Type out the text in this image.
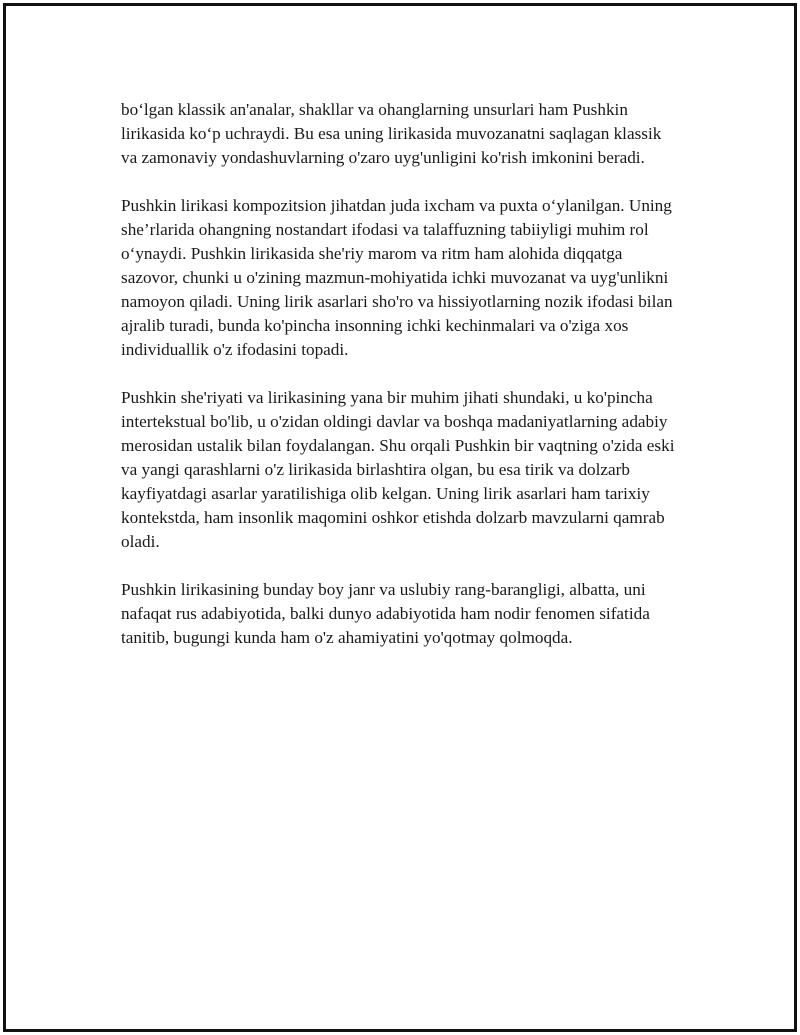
bo‘lgan klassik an'analar, shakllar va ohanglarning unsurlari ham Pushkin lirikasida ko‘p uchraydi. Bu esa uning lirikasida muvozanatni saqlagan klassik va zamonaviy yondashuvlarning o'zaro uyg'unligini ko'rish imkonini beradi.

Pushkin lirikasi kompozitsion jihatdan juda ixcham va puxta o‘ylanilgan. Uning she’rlarida ohangning nostandart ifodasi va talaffuzning tabiiyligi muhim rol o‘ynaydi. Pushkin lirikasida she'riy marom va ritm ham alohida diqqatga sazovor, chunki u o'zining mazmun-mohiyatida ichki muvozanat va uyg'unlikni namoyon qiladi. Uning lirik asarlari sho'ro va hissiyotlarning nozik ifodasi bilan ajralib turadi, bunda ko'pincha insonning ichki kechinmalari va o'ziga xos individuallik o'z ifodasini topadi.

Pushkin she'riyati va lirikasining yana bir muhim jihati shundaki, u ko'pincha intertekstual bo'lib, u o'zidan oldingi davlar va boshqa madaniyatlarning adabiy merosidan ustalik bilan foydalangan. Shu orqali Pushkin bir vaqtning o'zida eski va yangi qarashlarni o'z lirikasida birlashtira olgan, bu esa tirik va dolzarb kayfiyatdagi asarlar yaratilishiga olib kelgan. Uning lirik asarlari ham tarixiy kontekstda, ham insonlik maqomini oshkor etishda dolzarb mavzularni qamrab oladi.

Pushkin lirikasining bunday boy janr va uslubiy rang-barangligi, albatta, uni nafaqat rus adabiyotida, balki dunyo adabiyotida ham nodir fenomen sifatida tanitib, bugungi kunda ham o'z ahamiyatini yo'qotmay qolmoqda.
